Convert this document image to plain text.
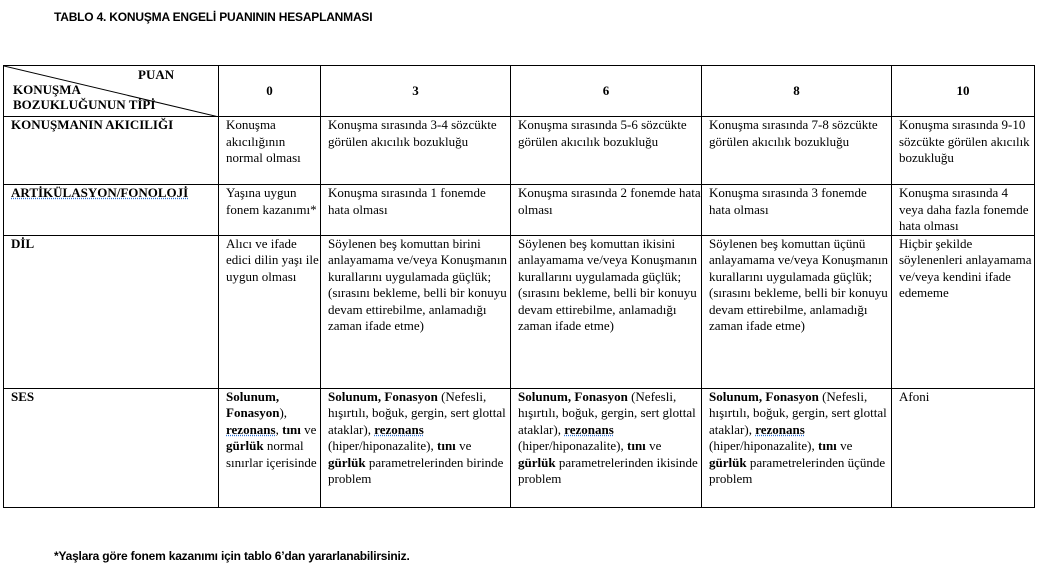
TABLO 4. KONUŞMA ENGELİ PUANININ HESAPLANMASI
PUAN
KONUŞMA
BOZUKLUĞUNUN TİPİ	0	3	6	8	10
KONUŞMANIN AKICILIĞI	Konuşma akıcılığının normal olması	Konuşma sırasında 3-4 sözcükte görülen akıcılık bozukluğu	Konuşma sırasında 5-6 sözcükte görülen akıcılık bozukluğu	Konuşma sırasında 7-8 sözcükte görülen akıcılık bozukluğu	Konuşma sırasında 9-10 sözcükte görülen akıcılık bozukluğu
ARTİKÜLASYON/FONOLOJİ	Yaşına uygun fonem kazanımı*	Konuşma sırasında 1 fonemde hata olması	Konuşma sırasında 2 fonemde hata olması	Konuşma sırasında 3 fonemde hata olması	Konuşma sırasında 4 veya daha fazla fonemde hata olması
DİL	Alıcı ve ifade edici dilin yaşı ile uygun olması	Söylenen beş komuttan birini anlayamama ve/veya Konuşmanın kurallarını uygulamada güçlük; (sırasını bekleme, belli bir konuyu devam ettirebilme, anlamadığı zaman ifade etme)	Söylenen beş komuttan ikisini anlayamama ve/veya Konuşmanın kurallarını uygulamada güçlük; (sırasını bekleme, belli bir konuyu devam ettirebilme, anlamadığı zaman ifade etme)	Söylenen beş komuttan üçünü anlayamama ve/veya Konuşmanın kurallarını uygulamada güçlük; (sırasını bekleme, belli bir konuyu devam ettirebilme, anlamadığı zaman ifade etme)	Hiçbir şekilde söylenenleri anlayamama ve/veya kendini ifade edememe
SES	Solunum, Fonasyon), rezonans, tını ve gürlük normal sınırlar içerisinde	Solunum, Fonasyon (Nefesli, hışırtılı, boğuk, gergin, sert glottal ataklar), rezonans (hiper/hiponazalite), tını ve gürlük parametrelerinden birinde problem	Solunum, Fonasyon (Nefesli, hışırtılı, boğuk, gergin, sert glottal ataklar), rezonans (hiper/hiponazalite), tını ve gürlük parametrelerinden ikisinde problem	Solunum, Fonasyon (Nefesli, hışırtılı, boğuk, gergin, sert glottal ataklar), rezonans (hiper/hiponazalite), tını ve gürlük parametrelerinden üçünde problem	Afoni
*Yaşlara göre fonem kazanımı için tablo 6’dan yararlanabilirsiniz.
